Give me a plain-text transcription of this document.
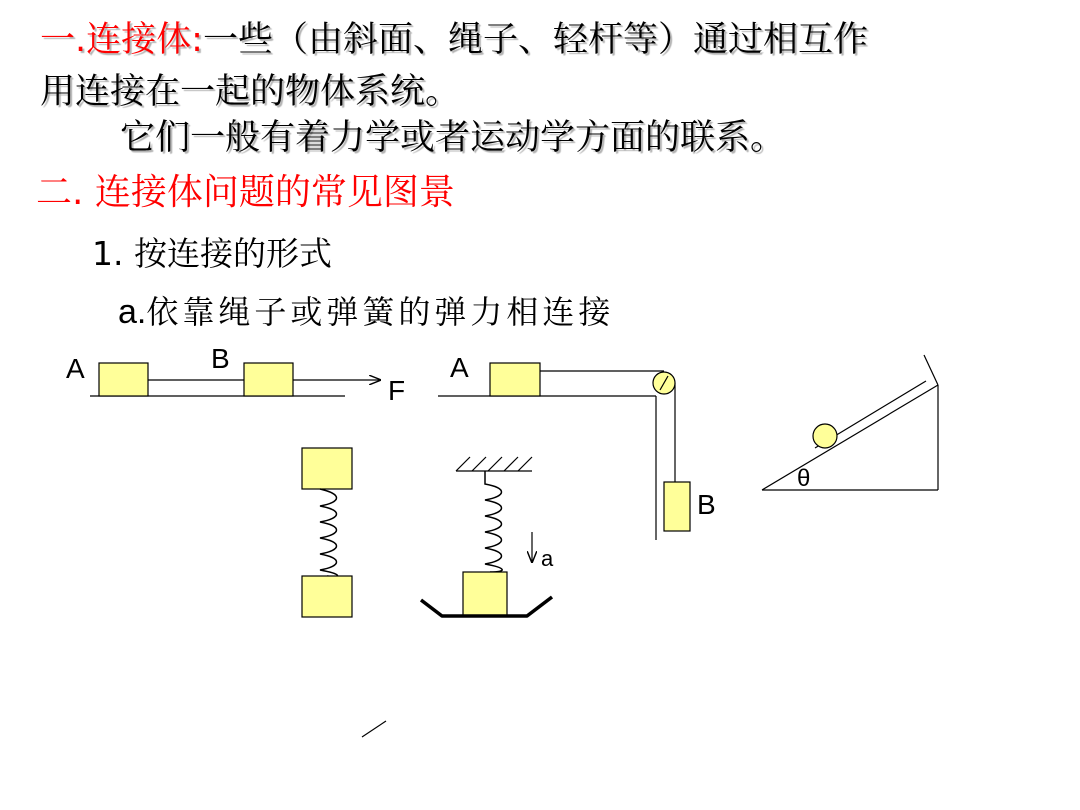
一.连接体:一些（由斜面、绳子、轻杆等）通过相互作
用连接在一起的物体系统。
它们一般有着力学或者运动学方面的联系。
二. 连接体问题的常见图景
1. 按连接的形式
a.依靠绳子或弹簧的弹力相连接
A	B
F
A
B
θ
a
